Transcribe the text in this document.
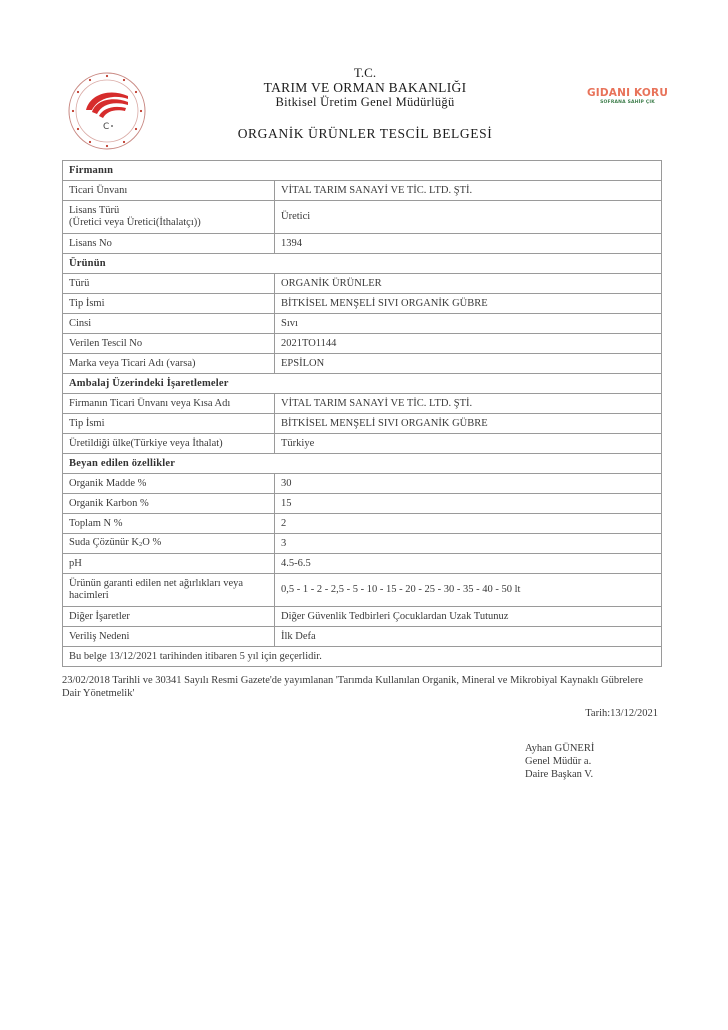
C
T.C.
TARIM VE ORMAN BAKANLIĞI
Bitkisel Üretim Genel Müdürlüğü
ORGANİK ÜRÜNLER TESCİL BELGESİ
GIDANI KORU
SOFRANA SAHİP ÇIK
Firmanın	
Ticari Ünvanı	VİTAL TARIM SANAYİ VE TİC. LTD. ŞTİ.

Lisans Türü
(Üretici veya Üretici(İthalatçı))	Üretici
Lisans No	1394
Ürünün	
Türü	ORGANİK ÜRÜNLER
Tip İsmi	BİTKİSEL MENŞELİ SIVI ORGANİK GÜBRE
Cinsi	Sıvı
Verilen Tescil No	2021TO1144
Marka veya Ticari Adı (varsa)	EPSİLON
Ambalaj Üzerindeki İşaretlemeler	
Firmanın Ticari Ünvanı veya Kısa Adı	VİTAL TARIM SANAYİ VE TİC. LTD. ŞTİ.
Tip İsmi	BİTKİSEL MENŞELİ SIVI ORGANİK GÜBRE
Üretildiği ülke(Türkiye veya İthalat)	Türkiye
Beyan edilen özellikler	
Organik Madde %	30
Organik Karbon %	15
Toplam N %	2
Suda Çözünür K2O %	3
pH	4.5-6.5
Ürünün garanti edilen net ağırlıkları veya hacimleri	0,5 - 1 - 2 - 2,5 - 5 - 10 - 15 - 20 - 25 - 30 - 35 - 40 - 50 lt
Diğer İşaretler	Diğer Güvenlik Tedbirleri Çocuklardan Uzak Tutunuz
Veriliş Nedeni	İlk Defa
Bu belge 13/12/2021 tarihinden itibaren 5 yıl için geçerlidir.	
23/02/2018 Tarihli ve 30341 Sayılı Resmi Gazete'de yayımlanan 'Tarımda Kullanılan Organik, Mineral ve Mikrobiyal Kaynaklı Gübrelere Dair Yönetmelik'
Tarih:13/12/2021
Ayhan GÜNERİ
Genel Müdür a.
Daire Başkan V.
